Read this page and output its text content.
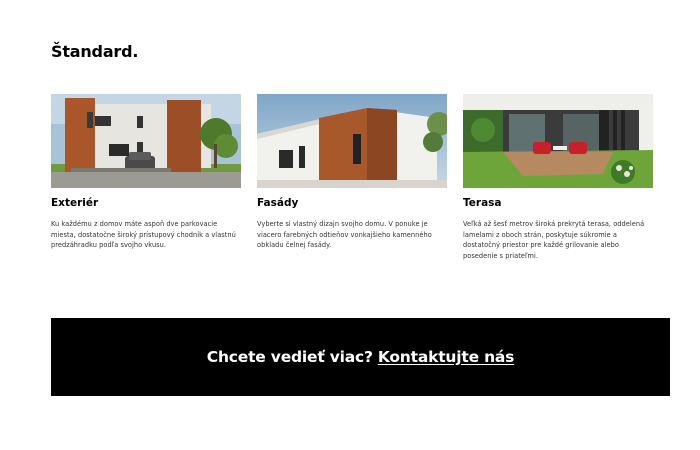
Štandard.
Exteriér
Ku každému z domov máte aspoň dve parkovacie miesta, dostatočne široký prístupový chodník a vlastnú predzáhradku podľa svojho vkusu.
Fasády
Vyberte si vlastný dizajn svojho domu. V ponuke je viacero farebných odtieňov vonkajšieho kamenného obkladu čelnej fasády.
Terasa
Veľká až šesť metrov široká prekrytá terasa, oddelená lamelami z oboch strán, poskytuje súkromie a dostatočný priestor pre každé grilovanie alebo posedenie s priateľmi.
Chcete vedieť viac? Kontaktujte nás
